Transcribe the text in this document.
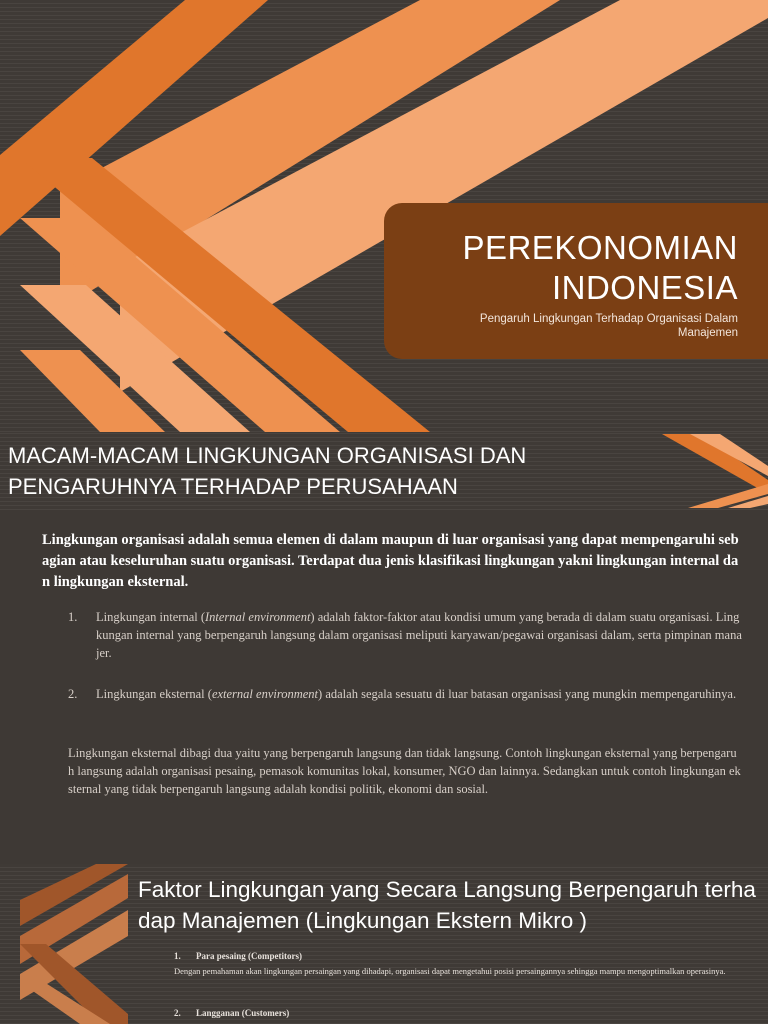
PEREKONOMIAN
INDONESIA
Pengaruh Lingkungan Terhadap Organisasi Dalam
Manajemen
MACAM-MACAM LINGKUNGAN ORGANISASI DAN
PENGARUHNYA TERHADAP PERUSAHAAN
Lingkungan organisasi adalah semua elemen di dalam maupun di luar organisasi yang dapat mempengaruhi sebagian atau keseluruhan suatu organisasi. Terdapat dua jenis klasifikasi lingkungan yakni lingkungan internal dan lingkungan eksternal.
1. Lingkungan internal (Internal environment) adalah faktor-faktor atau kondisi umum yang berada di dalam suatu organisasi. Lingkungan internal yang berpengaruh langsung dalam organisasi meliputi karyawan/pegawai organisasi dalam, serta pimpinan manajer.
2. Lingkungan eksternal (external environment) adalah segala sesuatu di luar batasan organisasi yang mungkin mempengaruhinya.
Lingkungan eksternal dibagi dua yaitu yang berpengaruh langsung dan tidak langsung. Contoh lingkungan eksternal yang berpengaruh langsung adalah organisasi pesaing, pemasok komunitas lokal, konsumer, NGO dan lainnya. Sedangkan untuk contoh lingkungan eksternal yang tidak berpengaruh langsung adalah kondisi politik, ekonomi dan sosial.
Faktor Lingkungan yang Secara Langsung Berpengaruh terhadap Manajemen (Lingkungan Ekstern Mikro )
1. Para pesaing (Competitors)
Dengan pemahaman akan lingkungan persaingan yang dihadapi, organisasi dapat mengetahui posisi persaingannya sehingga mampu mengoptimalkan operasinya.
2. Langganan (Customers)
